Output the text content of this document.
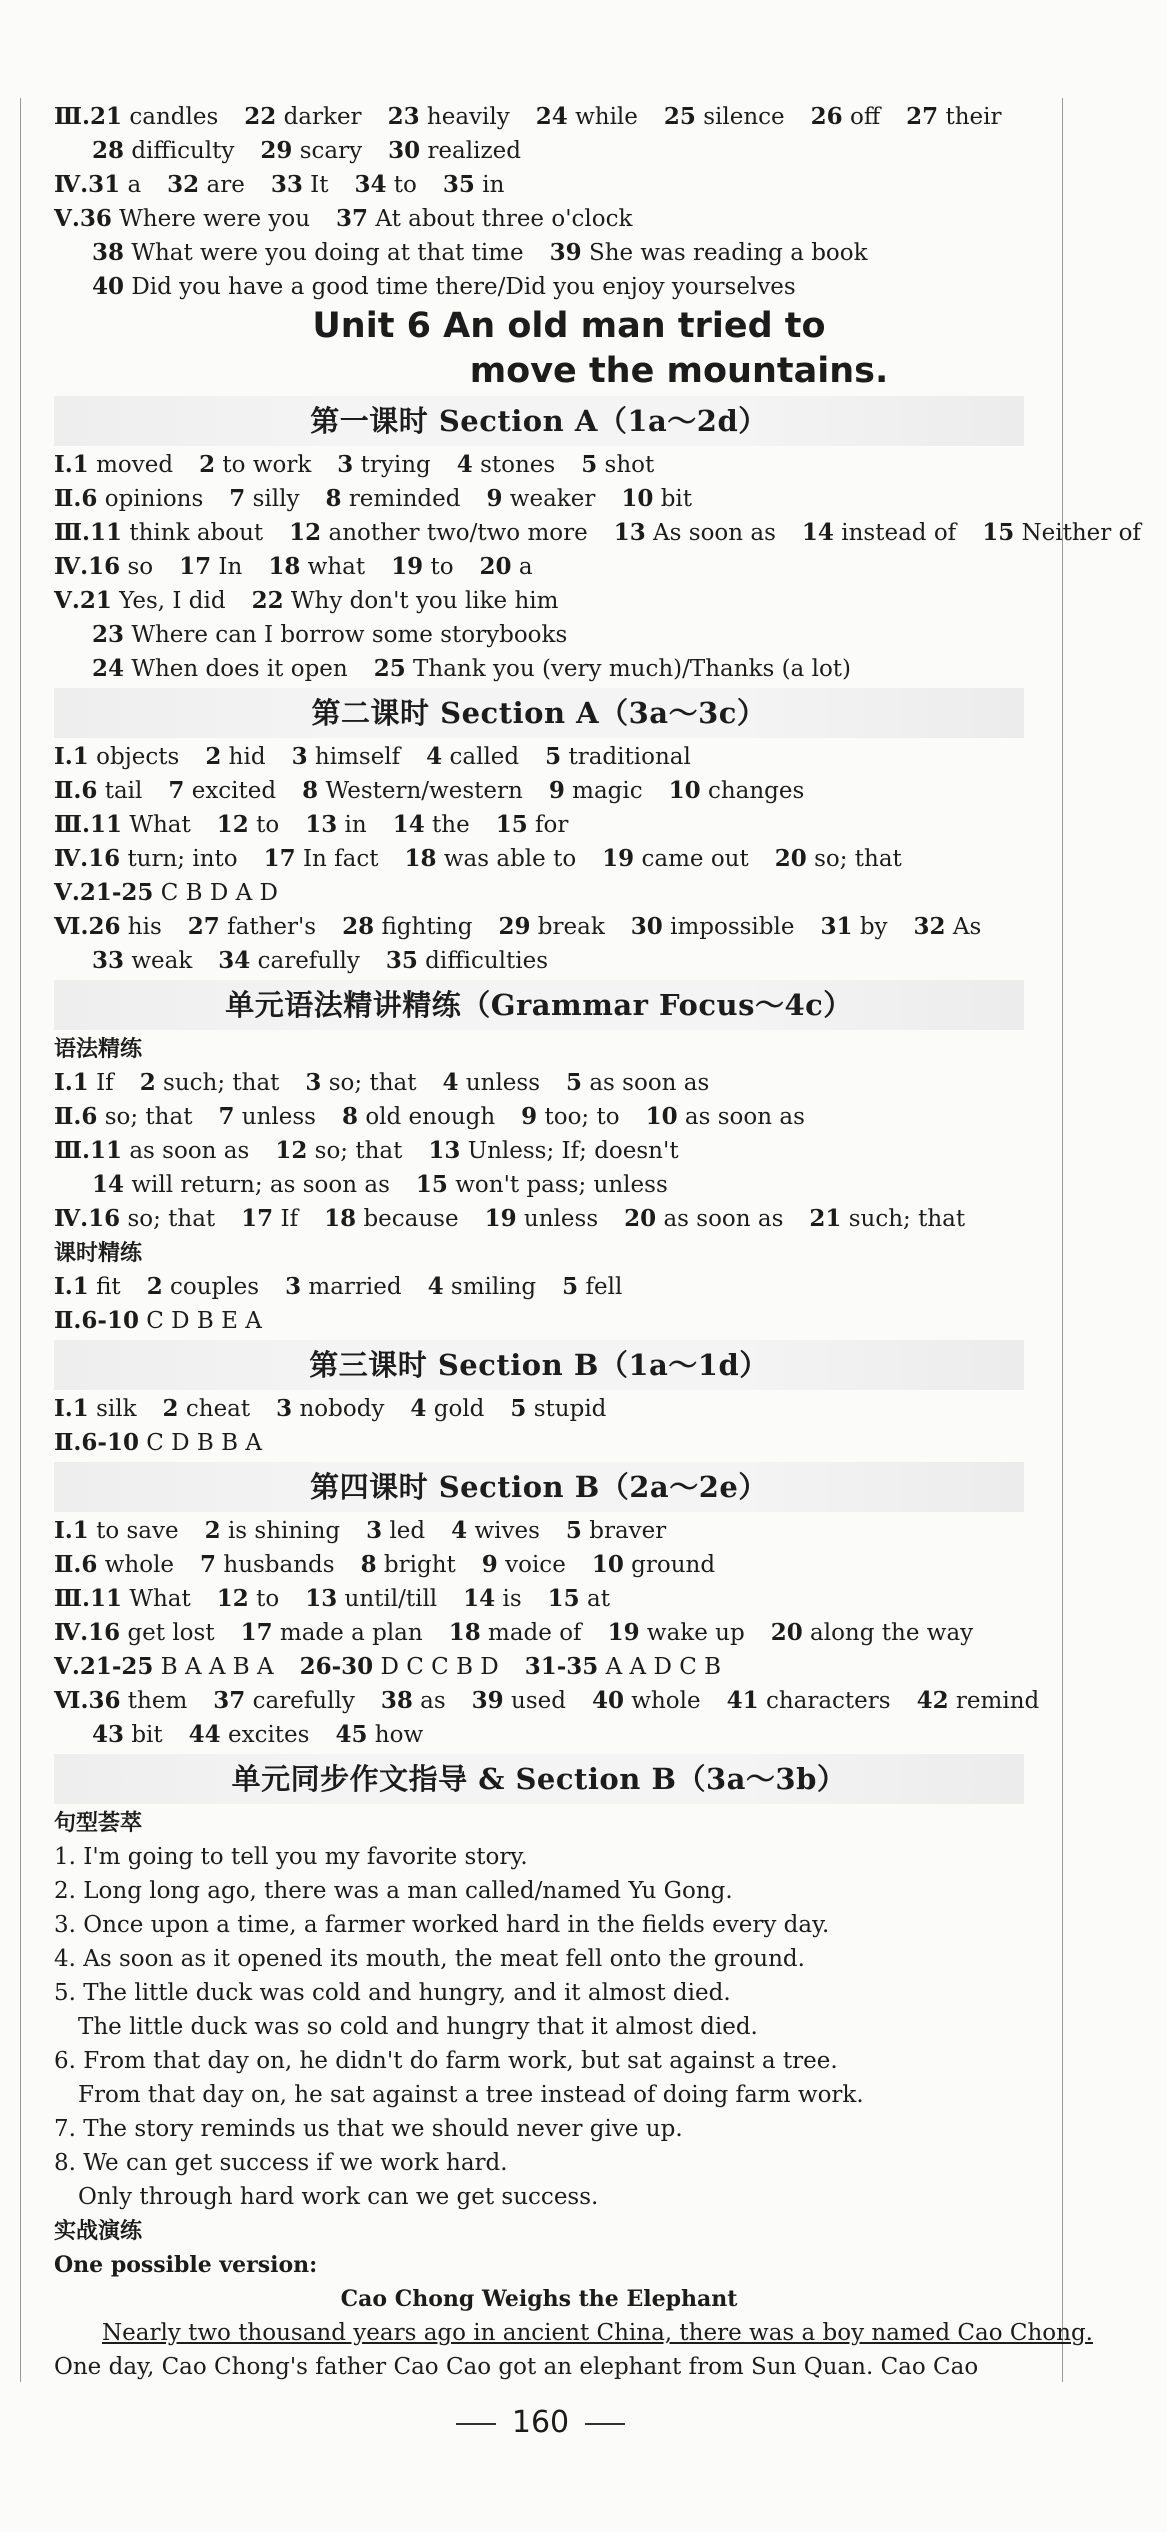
Ⅲ.21 candles 22 darker 23 heavily 24 while 25 silence 26 off 27 their
28 difficulty 29 scary 30 realized
Ⅳ.31 a 32 are 33 It 34 to 35 in
Ⅴ.36 Where were you 37 At about three o'clock
38 What were you doing at that time 39 She was reading a book
40 Did you have a good time there/Did you enjoy yourselves
Unit 6 An old man tried to
move the mountains.
第一课时 Section A（1a～2d）
Ⅰ.1 moved 2 to work 3 trying 4 stones 5 shot
Ⅱ.6 opinions 7 silly 8 reminded 9 weaker 10 bit
Ⅲ.11 think about 12 another two/two more 13 As soon as 14 instead of 15 Neither of
Ⅳ.16 so 17 In 18 what 19 to 20 a
Ⅴ.21 Yes, I did 22 Why don't you like him
23 Where can I borrow some storybooks
24 When does it open 25 Thank you (very much)/Thanks (a lot)
第二课时 Section A（3a～3c）
Ⅰ.1 objects 2 hid 3 himself 4 called 5 traditional
Ⅱ.6 tail 7 excited 8 Western/western 9 magic 10 changes
Ⅲ.11 What 12 to 13 in 14 the 15 for
Ⅳ.16 turn; into 17 In fact 18 was able to 19 came out 20 so; that
Ⅴ.21-25 C B D A D
Ⅵ.26 his 27 father's 28 fighting 29 break 30 impossible 31 by 32 As
33 weak 34 carefully 35 difficulties
单元语法精讲精练（Grammar Focus～4c）
语法精练
Ⅰ.1 If 2 such; that 3 so; that 4 unless 5 as soon as
Ⅱ.6 so; that 7 unless 8 old enough 9 too; to 10 as soon as
Ⅲ.11 as soon as 12 so; that 13 Unless; If; doesn't
14 will return; as soon as 15 won't pass; unless
Ⅳ.16 so; that 17 If 18 because 19 unless 20 as soon as 21 such; that
课时精练
Ⅰ.1 fit 2 couples 3 married 4 smiling 5 fell
Ⅱ.6-10 C D B E A
第三课时 Section B（1a～1d）
Ⅰ.1 silk 2 cheat 3 nobody 4 gold 5 stupid
Ⅱ.6-10 C D B B A
第四课时 Section B（2a～2e）
Ⅰ.1 to save 2 is shining 3 led 4 wives 5 braver
Ⅱ.6 whole 7 husbands 8 bright 9 voice 10 ground
Ⅲ.11 What 12 to 13 until/till 14 is 15 at
Ⅳ.16 get lost 17 made a plan 18 made of 19 wake up 20 along the way
Ⅴ.21-25 B A A B A 26-30 D C C B D 31-35 A A D C B
Ⅵ.36 them 37 carefully 38 as 39 used 40 whole 41 characters 42 remind
43 bit 44 excites 45 how
单元同步作文指导 & Section B（3a～3b）
句型荟萃
1. I'm going to tell you my favorite story.
2. Long long ago, there was a man called/named Yu Gong.
3. Once upon a time, a farmer worked hard in the fields every day.
4. As soon as it opened its mouth, the meat fell onto the ground.
5. The little duck was cold and hungry, and it almost died.
The little duck was so cold and hungry that it almost died.
6. From that day on, he didn't do farm work, but sat against a tree.
From that day on, he sat against a tree instead of doing farm work.
7. The story reminds us that we should never give up.
8. We can get success if we work hard.
Only through hard work can we get success.
实战演练
One possible version:
Cao Chong Weighs the Elephant
Nearly two thousand years ago in ancient China, there was a boy named Cao Chong.
One day, Cao Chong's father Cao Cao got an elephant from Sun Quan. Cao Cao
160
